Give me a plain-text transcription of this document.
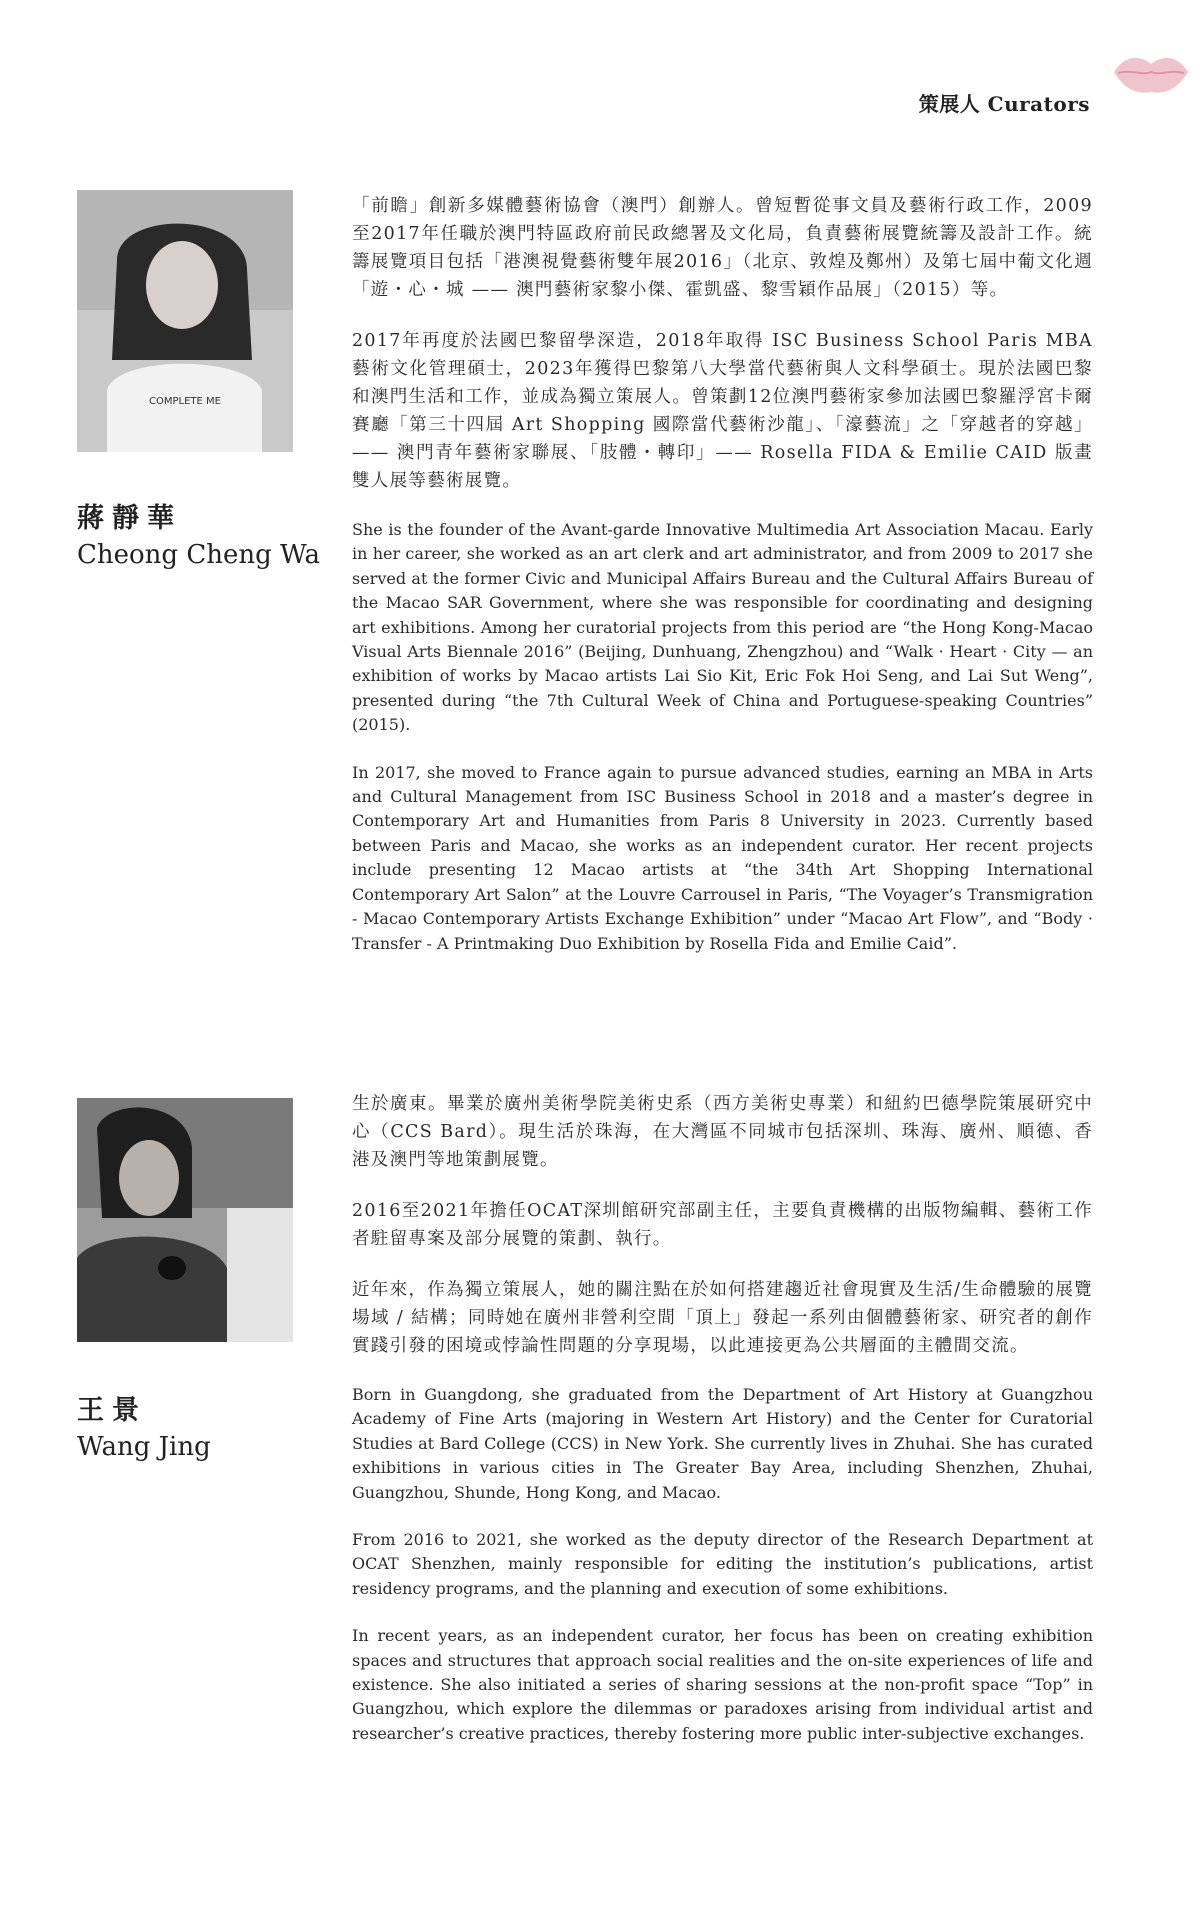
策展人 Curators
COMPLETE ME
蔣靜華
Cheong Cheng Wa

「前瞻」創新多媒體藝術協會（澳門）創辦人。曾短暫從事文員及藝術行政工作，2009至2017年任職於澳門特區政府前民政總署及文化局，負責藝術展覽統籌及設計工作。統籌展覽項目包括「港澳視覺藝術雙年展2016」（北京、敦煌及鄭州）及第七屆中葡文化週「遊・心・城 —— 澳門藝術家黎小傑、霍凱盛、黎雪穎作品展」（2015）等。

2017年再度於法國巴黎留學深造，2018年取得 ISC Business School Paris MBA 藝術文化管理碩士，2023年獲得巴黎第八大學當代藝術與人文科學碩士。現於法國巴黎和澳門生活和工作，並成為獨立策展人。曾策劃12位澳門藝術家參加法國巴黎羅浮宮卡爾賽廳「第三十四屆 Art Shopping 國際當代藝術沙龍」、「濠藝流」之「穿越者的穿越」 —— 澳門青年藝術家聯展、「肢體・轉印」—— Rosella FIDA & Emilie CAID 版畫雙人展等藝術展覽。

She is the founder of the Avant-garde Innovative Multimedia Art Association Macau. Early in her career, she worked as an art clerk and art administrator, and from 2009 to 2017 she served at the former Civic and Municipal Affairs Bureau and the Cultural Affairs Bureau of the Macao SAR Government, where she was responsible for coordinating and designing art exhibitions. Among her curatorial projects from this period are “the Hong Kong-Macao Visual Arts Biennale 2016” (Beijing, Dunhuang, Zhengzhou) and “Walk · Heart · City — an exhibition of works by Macao artists Lai Sio Kit, Eric Fok Hoi Seng, and Lai Sut Weng”, presented during “the 7th Cultural Week of China and Portuguese-speaking Countries” (2015).

In 2017, she moved to France again to pursue advanced studies, earning an MBA in Arts and Cultural Management from ISC Business School in 2018 and a master’s degree in Contemporary Art and Humanities from Paris 8 University in 2023. Currently based between Paris and Macao, she works as an independent curator. Her recent projects include presenting 12 Macao artists at “the 34th Art Shopping International Contemporary Art Salon” at the Louvre Carrousel in Paris, “The Voyager’s Transmigration - Macao Contemporary Artists Exchange Exhibition” under “Macao Art Flow”, and “Body · Transfer - A Printmaking Duo Exhibition by Rosella Fida and Emilie Caid”.

王景
Wang Jing

生於廣東。畢業於廣州美術學院美術史系（西方美術史專業）和紐約巴德學院策展研究中心（CCS Bard）。現生活於珠海，在大灣區不同城市包括深圳、珠海、廣州、順德、香港及澳門等地策劃展覽。

2016至2021年擔任OCAT深圳館研究部副主任，主要負責機構的出版物編輯、藝術工作者駐留專案及部分展覽的策劃、執行。

近年來，作為獨立策展人，她的關注點在於如何搭建趨近社會現實及生活/生命體驗的展覽場域 / 結構；同時她在廣州非營利空間「頂上」發起一系列由個體藝術家、研究者的創作實踐引發的困境或悖論性問題的分享現場，以此連接更為公共層面的主體間交流。

Born in Guangdong, she graduated from the Department of Art History at Guangzhou Academy of Fine Arts (majoring in Western Art History) and the Center for Curatorial Studies at Bard College (CCS) in New York. She currently lives in Zhuhai. She has curated exhibitions in various cities in The Greater Bay Area, including Shenzhen, Zhuhai, Guangzhou, Shunde, Hong Kong, and Macao.

From 2016 to 2021, she worked as the deputy director of the Research Department at OCAT Shenzhen, mainly responsible for editing the institution’s publications, artist residency programs, and the planning and execution of some exhibitions.

In recent years, as an independent curator, her focus has been on creating exhibition spaces and structures that approach social realities and the on-site experiences of life and existence. She also initiated a series of sharing sessions at the non-profit space “Top” in Guangzhou, which explore the dilemmas or paradoxes arising from individual artist and researcher’s creative practices, thereby fostering more public inter-subjective exchanges.
